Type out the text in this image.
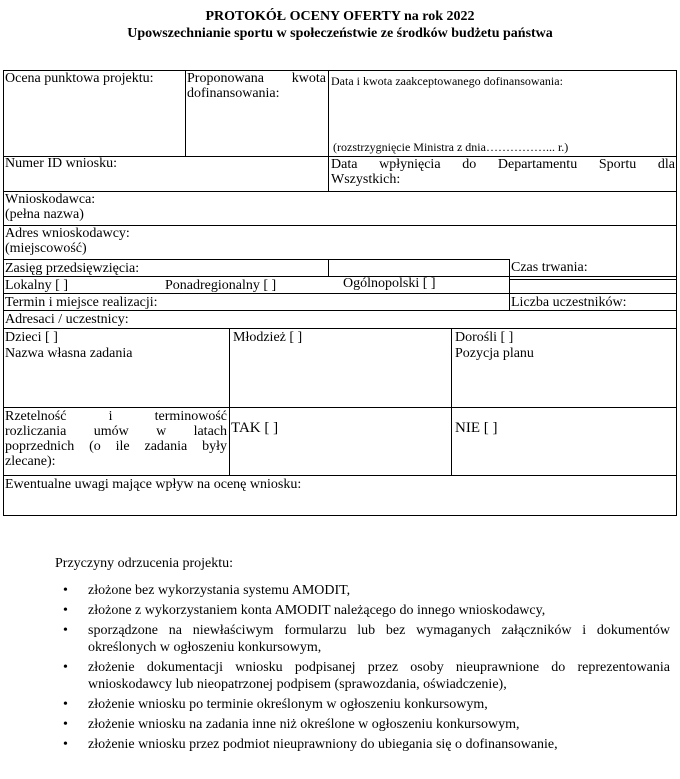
PROTOKÓŁ OCENY OFERTY na rok 2022
Upowszechnianie sportu w społeczeństwie ze środków budżetu państwa
Ocena punktowa projektu:	Proponowana kwota
dofinansowania:
Data i kwota zaakceptowanego dofinansowania:
(rozstrzygnięcie Ministra z dnia……………... r.)
Numer ID wniosku:	Data wpłynięcia do Departamentu Sportu dla
Wszystkich:
Wnioskodawca:
(pełna nazwa)
Adres wnioskodawcy:
(miejscowość)
Zasięg przedsięwzięcia:
Lokalny [ ]	Ponadregionalny [ ]	Ogólnopolski [ ]
Czas trwania:
Termin i miejsce realizacji:	Liczba uczestników:
Adresaci / uczestnicy:
Dzieci [ ]	Młodzież [ ]	Dorośli [ ]
Nazwa własna zadania	Pozycja planu
Rzetelność i terminowość
rozliczania umów w latach
poprzednich (o ile zadania były
zlecane):
TAK [ ]	NIE [ ]
Ewentualne uwagi mające wpływ na ocenę wniosku:
Przyczyny odrzucenia projektu:
• złożone bez wykorzystania systemu AMODIT,
• złożone z wykorzystaniem konta AMODIT należącego do innego wnioskodawcy,
• sporządzone na niewłaściwym formularzu lub bez wymaganych załączników i dokumentów określonych w ogłoszeniu konkursowym,
• złożenie dokumentacji wniosku podpisanej przez osoby nieuprawnione do reprezentowania wnioskodawcy lub nieopatrzonej podpisem (sprawozdania, oświadczenie),
• złożenie wniosku po terminie określonym w ogłoszeniu konkursowym,
• złożenie wniosku na zadania inne niż określone w ogłoszeniu konkursowym,
• złożenie wniosku przez podmiot nieuprawniony do ubiegania się o dofinansowanie,
